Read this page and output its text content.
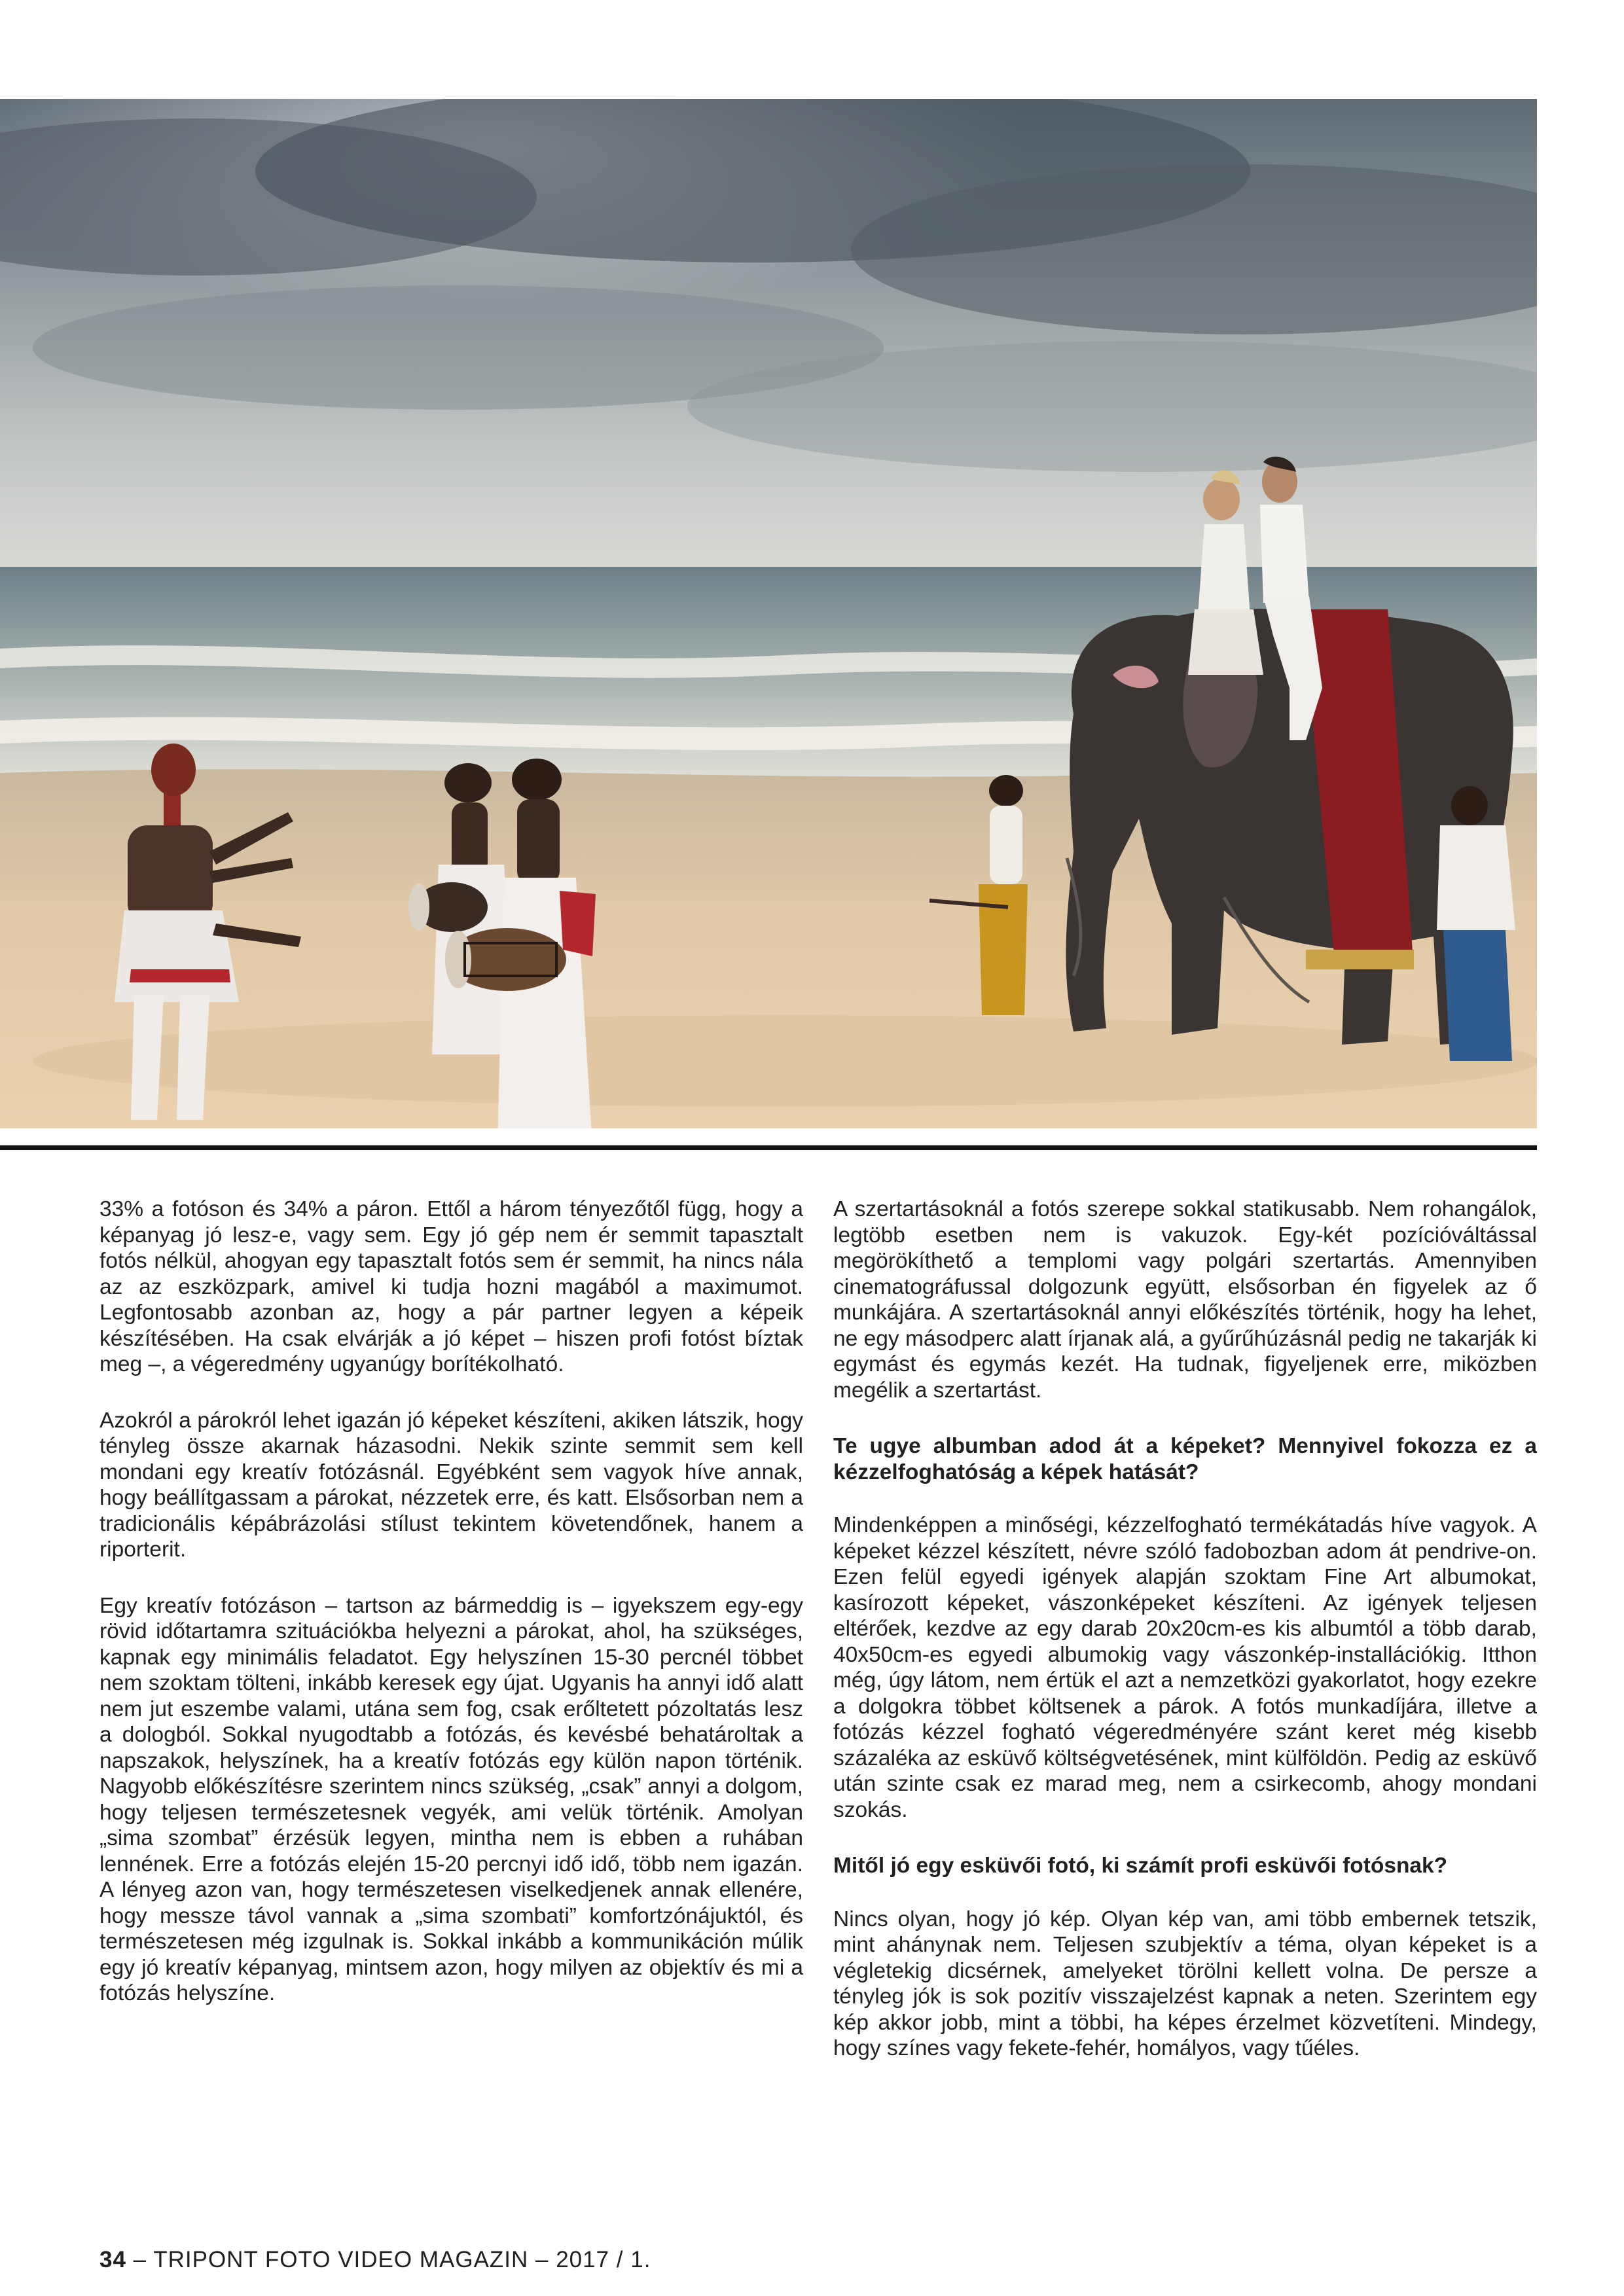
33% a fotóson és 34% a páron. Ettől a három tényezőtől függ, hogy a képanyag jó lesz-e, vagy sem. Egy jó gép nem ér semmit tapasztalt fotós nélkül, ahogyan egy tapasztalt fotós sem ér semmit, ha nincs nála az az eszközpark, amivel ki tudja hozni magából a maximumot. Legfontosabb azonban az, hogy a pár partner legyen a képeik készítésében. Ha csak elvárják a jó képet – hiszen profi fotóst bíztak meg –, a végeredmény ugyanúgy borítékolható.

Azokról a párokról lehet igazán jó képeket készíteni, akiken látszik, hogy tényleg össze akarnak házasodni. Nekik szinte semmit sem kell mondani egy kreatív fotózásnál. Egyébként sem vagyok híve annak, hogy beállítgassam a párokat, nézzetek erre, és katt. Elsősorban nem a tradicionális képábrázolási stílust tekintem követendőnek, hanem a riporterit.

Egy kreatív fotózáson – tartson az bármeddig is – igyekszem egy-egy rövid időtartamra szituációkba helyezni a párokat, ahol, ha szükséges, kapnak egy minimális feladatot. Egy helyszínen 15-30 percnél többet nem szoktam tölteni, inkább keresek egy újat. Ugyanis ha annyi idő alatt nem jut eszembe valami, utána sem fog, csak erőltetett pózoltatás lesz a dologból. Sokkal nyugodtabb a fotózás, és kevésbé behatároltak a napszakok, helyszínek, ha a kreatív fotózás egy külön napon történik. Nagyobb előkészítésre szerintem nincs szükség, „csak” annyi a dolgom, hogy teljesen természetesnek vegyék, ami velük történik. Amolyan „sima szombat” érzésük legyen, mintha nem is ebben a ruhában lennének. Erre a fotózás elején 15-20 percnyi idő idő, több nem igazán. A lényeg azon van, hogy természetesen viselkedjenek annak ellenére, hogy messze távol vannak a „sima szombati” komfortzónájuktól, és természetesen még izgulnak is. Sokkal inkább a kommunikáción múlik egy jó kreatív képanyag, mintsem azon, hogy milyen az objektív és mi a fotózás helyszíne.

A szertartásoknál a fotós szerepe sokkal statikusabb. Nem rohangálok, legtöbb esetben nem is vakuzok. Egy-két pozícióváltással megörökíthető a templomi vagy polgári szertartás. Amennyiben cinematográfussal dolgozunk együtt, elsősorban én figyelek az ő munkájára. A szertartásoknál annyi előkészítés történik, hogy ha lehet, ne egy másodperc alatt írjanak alá, a gyűrűhúzásnál pedig ne takarják ki egymást és egymás kezét. Ha tudnak, figyeljenek erre, miközben megélik a szertartást.

Te ugye albumban adod át a képeket? Mennyivel fokozza ez a kézzelfoghatóság a képek hatását?

Mindenképpen a minőségi, kézzelfogható termékátadás híve vagyok. A képeket kézzel készített, névre szóló fadobozban adom át pendrive-on. Ezen felül egyedi igények alapján szoktam Fine Art albumokat, kasírozott képeket, vászonképeket készíteni. Az igények teljesen eltérőek, kezdve az egy darab 20x20cm-es kis albumtól a több darab, 40x50cm-es egyedi albumokig vagy vászonkép-installációkig. Itthon még, úgy látom, nem értük el azt a nemzetközi gyakorlatot, hogy ezekre a dolgokra többet költsenek a párok. A fotós munkadíjára, illetve a fotózás kézzel fogható végeredményére szánt keret még kisebb százaléka az esküvő költségvetésének, mint külföldön. Pedig az esküvő után szinte csak ez marad meg, nem a csirkecomb, ahogy mondani szokás.

Mitől jó egy esküvői fotó, ki számít profi esküvői fotósnak?

Nincs olyan, hogy jó kép. Olyan kép van, ami több embernek tetszik, mint ahánynak nem. Teljesen szubjektív a téma, olyan képeket is a végletekig dicsérnek, amelyeket törölni kellett volna. De persze a tényleg jók is sok pozitív visszajelzést kapnak a neten. Szerintem egy kép akkor jobb, mint a többi, ha képes érzelmet közvetíteni. Mindegy, hogy színes vagy fekete-fehér, homályos, vagy tűéles.

34 – TRIPONT FOTO VIDEO MAGAZIN – 2017 / 1.
